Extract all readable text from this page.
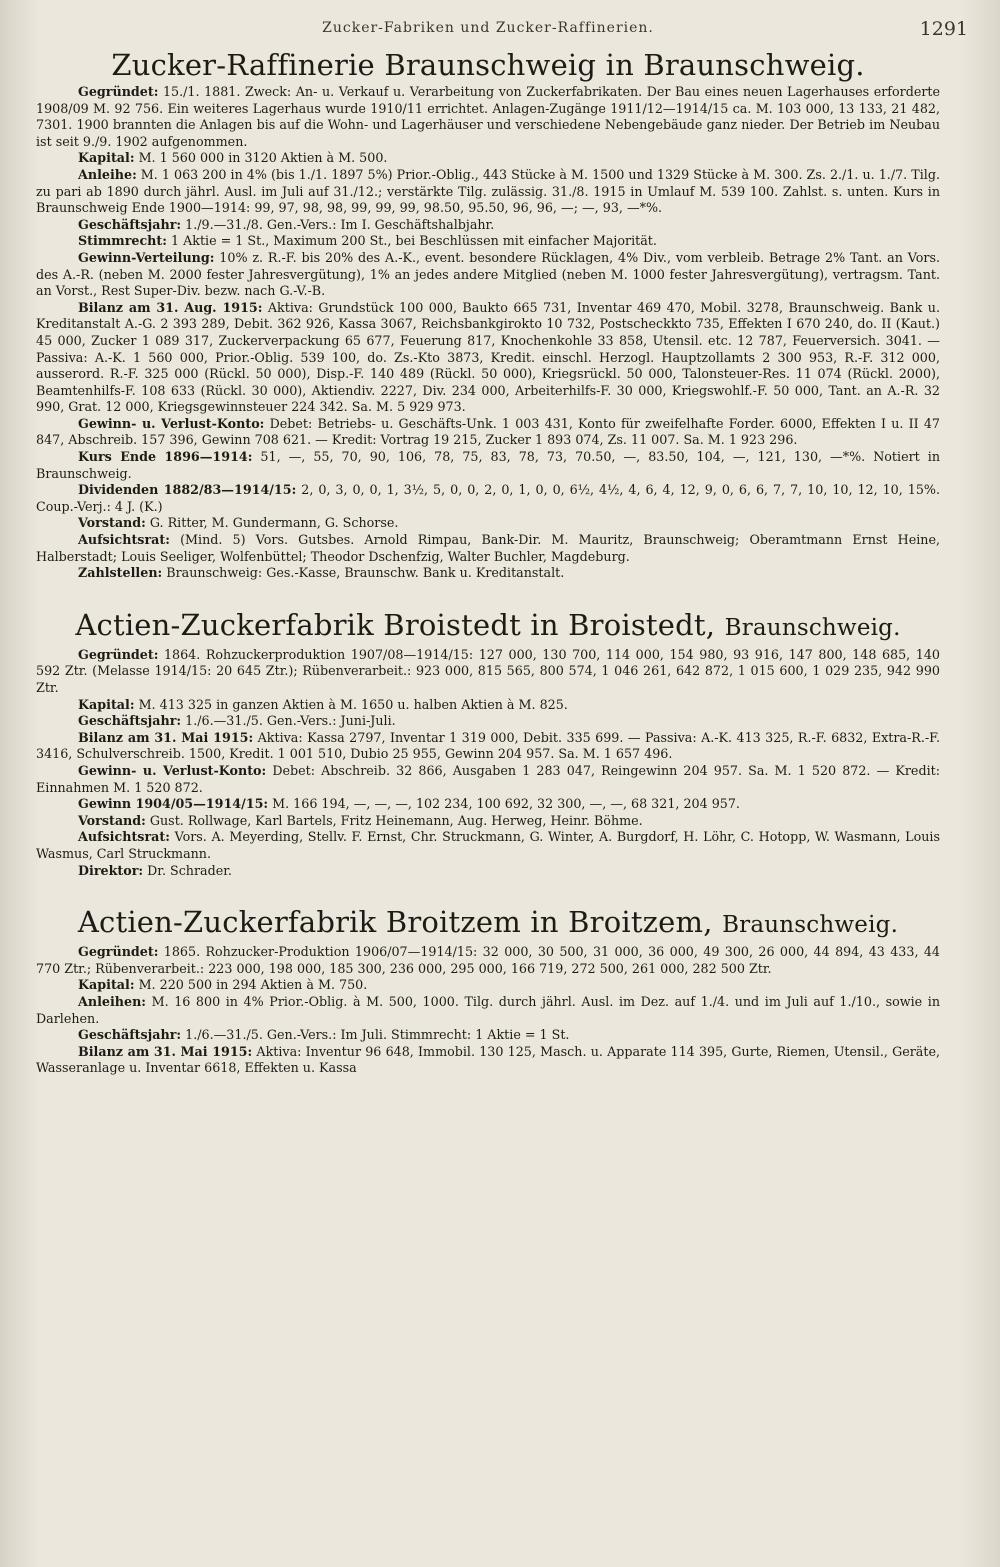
Zucker-Fabriken und Zucker-Raffinerien.	1291
Zucker-Raffinerie Braunschweig in Braunschweig.

Gegründet: 15./1. 1881. Zweck: An- u. Verkauf u. Verarbeitung von Zuckerfabrikaten. Der Bau eines neuen Lagerhauses erforderte 1908/09 M. 92 756. Ein weiteres Lagerhaus wurde 1910/11 errichtet. Anlagen-Zugänge 1911/12—1914/15 ca. M. 103 000, 13 133, 21 482, 7301. 1900 brannten die Anlagen bis auf die Wohn- und Lagerhäuser und verschiedene Nebengebäude ganz nieder. Der Betrieb im Neubau ist seit 9./9. 1902 aufgenommen.

Kapital: M. 1 560 000 in 3120 Aktien à M. 500.

Anleihe: M. 1 063 200 in 4% (bis 1./1. 1897 5%) Prior.-Oblig., 443 Stücke à M. 1500 und 1329 Stücke à M. 300. Zs. 2./1. u. 1./7. Tilg. zu pari ab 1890 durch jährl. Ausl. im Juli auf 31./12.; verstärkte Tilg. zulässig. 31./8. 1915 in Umlauf M. 539 100. Zahlst. s. unten. Kurs in Braunschweig Ende 1900—1914: 99, 97, 98, 98, 99, 99, 99, 98.50, 95.50, 96, 96, —; —, 93, —*%.

Geschäftsjahr: 1./9.—31./8. Gen.-Vers.: Im I. Geschäftshalbjahr.

Stimmrecht: 1 Aktie = 1 St., Maximum 200 St., bei Beschlüssen mit einfacher Majorität.

Gewinn-Verteilung: 10% z. R.-F. bis 20% des A.-K., event. besondere Rücklagen, 4% Div., vom verbleib. Betrage 2% Tant. an Vors. des A.-R. (neben M. 2000 fester Jahresvergütung), 1% an jedes andere Mitglied (neben M. 1000 fester Jahresvergütung), vertragsm. Tant. an Vorst., Rest Super-Div. bezw. nach G.-V.-B.

Bilanz am 31. Aug. 1915: Aktiva: Grundstück 100 000, Baukto 665 731, Inventar 469 470, Mobil. 3278, Braunschweig. Bank u. Kreditanstalt A.-G. 2 393 289, Debit. 362 926, Kassa 3067, Reichsbankgirokto 10 732, Postscheckkto 735, Effekten I 670 240, do. II (Kaut.) 45 000, Zucker 1 089 317, Zuckerverpackung 65 677, Feuerung 817, Knochenkohle 33 858, Utensil. etc. 12 787, Feuerversich. 3041. — Passiva: A.-K. 1 560 000, Prior.-Oblig. 539 100, do. Zs.-Kto 3873, Kredit. einschl. Herzogl. Hauptzollamts 2 300 953, R.-F. 312 000, ausserord. R.-F. 325 000 (Rückl. 50 000), Disp.-F. 140 489 (Rückl. 50 000), Kriegsrückl. 50 000, Talonsteuer-Res. 11 074 (Rückl. 2000), Beamtenhilfs-F. 108 633 (Rückl. 30 000), Aktiendiv. 2227, Div. 234 000, Arbeiterhilfs-F. 30 000, Kriegswohlf.-F. 50 000, Tant. an A.-R. 32 990, Grat. 12 000, Kriegsgewinnsteuer 224 342. Sa. M. 5 929 973.

Gewinn- u. Verlust-Konto: Debet: Betriebs- u. Geschäfts-Unk. 1 003 431, Konto für zweifelhafte Forder. 6000, Effekten I u. II 47 847, Abschreib. 157 396, Gewinn 708 621. — Kredit: Vortrag 19 215, Zucker 1 893 074, Zs. 11 007. Sa. M. 1 923 296.

Kurs Ende 1896—1914: 51, —, 55, 70, 90, 106, 78, 75, 83, 78, 73, 70.50, —, 83.50, 104, —, 121, 130, —*%. Notiert in Braunschweig.

Dividenden 1882/83—1914/15: 2, 0, 3, 0, 0, 1, 3½, 5, 0, 0, 2, 0, 1, 0, 0, 6½, 4½, 4, 6, 4, 12, 9, 0, 6, 6, 7, 7, 10, 10, 12, 10, 15%. Coup.-Verj.: 4 J. (K.)

Vorstand: G. Ritter, M. Gundermann, G. Schorse.

Aufsichtsrat: (Mind. 5) Vors. Gutsbes. Arnold Rimpau, Bank-Dir. M. Mauritz, Braunschweig; Oberamtmann Ernst Heine, Halberstadt; Louis Seeliger, Wolfenbüttel; Theodor Dschenfzig, Walter Buchler, Magdeburg.

Zahlstellen: Braunschweig: Ges.-Kasse, Braunschw. Bank u. Kreditanstalt.

Actien-Zuckerfabrik Broistedt in Broistedt, Braunschweig.

Gegründet: 1864. Rohzuckerproduktion 1907/08—1914/15: 127 000, 130 700, 114 000, 154 980, 93 916, 147 800, 148 685, 140 592 Ztr. (Melasse 1914/15: 20 645 Ztr.); Rübenverarbeit.: 923 000, 815 565, 800 574, 1 046 261, 642 872, 1 015 600, 1 029 235, 942 990 Ztr.

Kapital: M. 413 325 in ganzen Aktien à M. 1650 u. halben Aktien à M. 825.

Geschäftsjahr: 1./6.—31./5. Gen.-Vers.: Juni-Juli.

Bilanz am 31. Mai 1915: Aktiva: Kassa 2797, Inventar 1 319 000, Debit. 335 699. — Passiva: A.-K. 413 325, R.-F. 6832, Extra-R.-F. 3416, Schulverschreib. 1500, Kredit. 1 001 510, Dubio 25 955, Gewinn 204 957. Sa. M. 1 657 496.

Gewinn- u. Verlust-Konto: Debet: Abschreib. 32 866, Ausgaben 1 283 047, Reingewinn 204 957. Sa. M. 1 520 872. — Kredit: Einnahmen M. 1 520 872.

Gewinn 1904/05—1914/15: M. 166 194, —, —, —, 102 234, 100 692, 32 300, —, —, 68 321, 204 957.

Vorstand: Gust. Rollwage, Karl Bartels, Fritz Heinemann, Aug. Herweg, Heinr. Böhme.

Aufsichtsrat: Vors. A. Meyerding, Stellv. F. Ernst, Chr. Struckmann, G. Winter, A. Burgdorf, H. Löhr, C. Hotopp, W. Wasmann, Louis Wasmus, Carl Struckmann.

Direktor: Dr. Schrader.

Actien-Zuckerfabrik Broitzem in Broitzem, Braunschweig.

Gegründet: 1865. Rohzucker-Produktion 1906/07—1914/15: 32 000, 30 500, 31 000, 36 000, 49 300, 26 000, 44 894, 43 433, 44 770 Ztr.; Rübenverarbeit.: 223 000, 198 000, 185 300, 236 000, 295 000, 166 719, 272 500, 261 000, 282 500 Ztr.

Kapital: M. 220 500 in 294 Aktien à M. 750.

Anleihen: M. 16 800 in 4% Prior.-Oblig. à M. 500, 1000. Tilg. durch jährl. Ausl. im Dez. auf 1./4. und im Juli auf 1./10., sowie in Darlehen.

Geschäftsjahr: 1./6.—31./5. Gen.-Vers.: Im Juli. Stimmrecht: 1 Aktie = 1 St.

Bilanz am 31. Mai 1915: Aktiva: Inventur 96 648, Immobil. 130 125, Masch. u. Apparate 114 395, Gurte, Riemen, Utensil., Geräte, Wasseranlage u. Inventar 6618, Effekten u. Kassa
